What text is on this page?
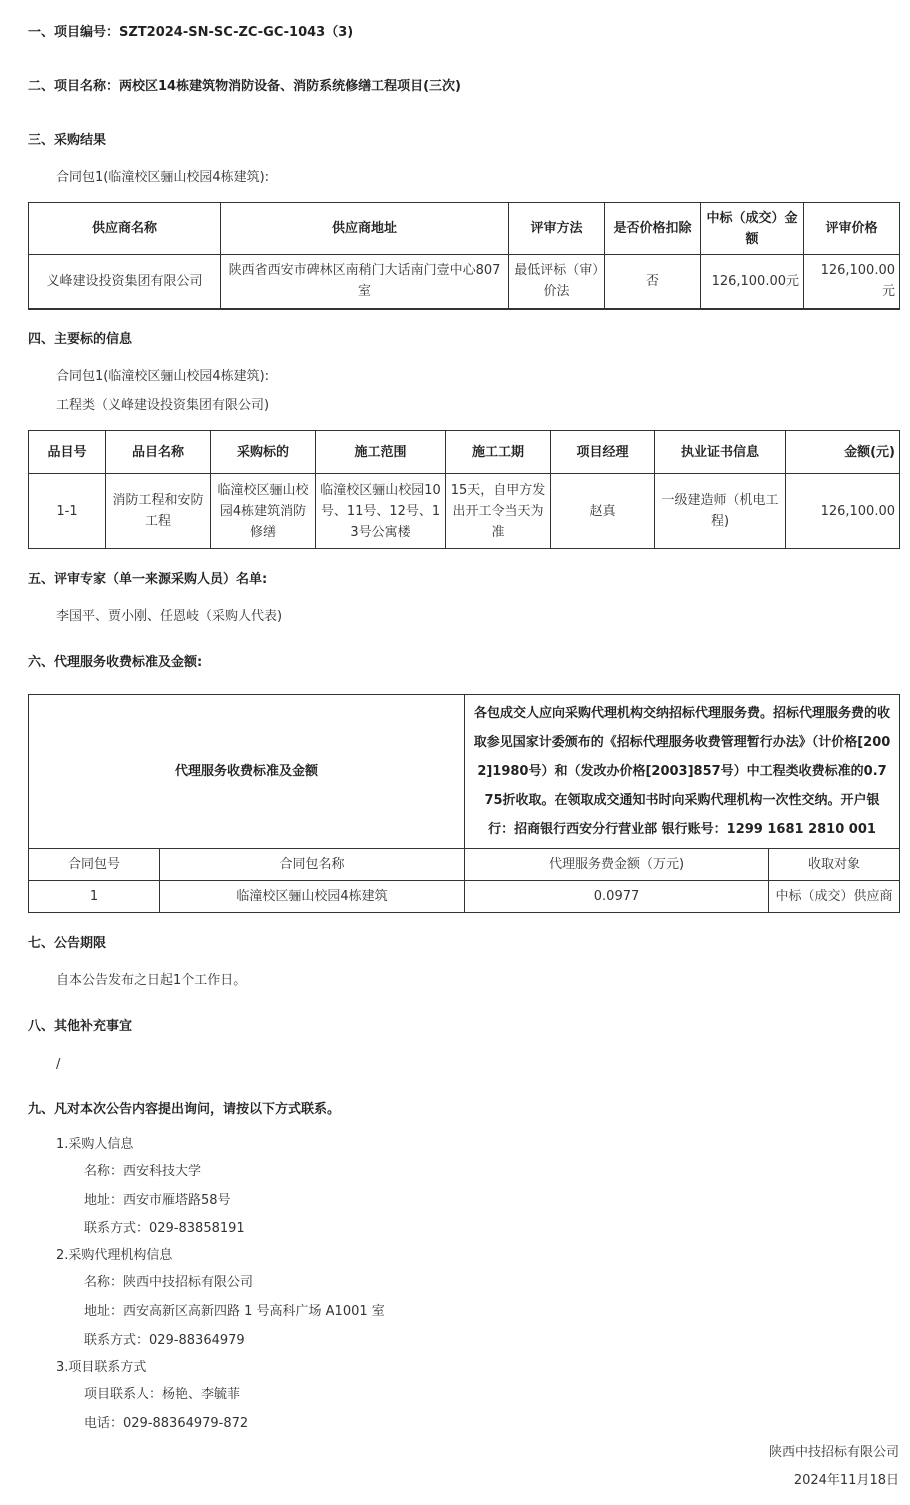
一、项目编号：SZT2024-SN-SC-ZC-GC-1043（3)
二、项目名称：两校区14栋建筑物消防设备、消防系统修缮工程项目(三次)
三、采购结果
合同包1(临潼校区骊山校园4栋建筑):
供应商名称	供应商地址	评审方法	是否价格扣除	中标（成交）金额	评审价格
义峰建设投资集团有限公司	陕西省西安市碑林区南稍门大话南门壹中心807室	最低评标（审）价法	否	126,100.00元	126,100.00元
四、主要标的信息
合同包1(临潼校区骊山校园4栋建筑):
工程类（义峰建设投资集团有限公司)
品目号	品目名称	采购标的	施工范围	施工工期	项目经理	执业证书信息	金额(元)
1-1	消防工程和安防工程	临潼校区骊山校园4栋建筑消防修缮	临潼校区骊山校园10号、11号、12号、13号公寓楼	15天，自甲方发出开工令当天为准	赵真	一级建造师（机电工程)	126,100.00
五、评审专家（单一来源采购人员）名单:
李国平、贾小刚、任恩岐（采购人代表)
六、代理服务收费标准及金额:
代理服务收费标准及金额		各包成交人应向采购代理机构交纳招标代理服务费。招标代理服务费的收取参见国家计委颁布的《招标代理服务收费管理暂行办法》（计价格[2002]1980号）和（发改办价格[2003]857号）中工程类收费标准的0.775折收取。在领取成交通知书时向采购代理机构一次性交纳。开户银行：招商银行西安分行营业部 银行账号：1299 1681 2810 001	
合同包号	合同包名称	代理服务费金额（万元)	收取对象
1	临潼校区骊山校园4栋建筑	0.0977	中标（成交）供应商
七、公告期限
自本公告发布之日起1个工作日。
八、其他补充事宜
/
九、凡对本次公告内容提出询问，请按以下方式联系。
1.采购人信息
名称：西安科技大学
地址：西安市雁塔路58号
联系方式：029-83858191
2.采购代理机构信息
名称：陕西中技招标有限公司
地址：西安高新区高新四路 1 号高科广场 A1001 室
联系方式：029-88364979
3.项目联系方式
项目联系人：杨艳、李毓菲
电话：029-88364979-872
陕西中技招标有限公司
2024年11月18日
